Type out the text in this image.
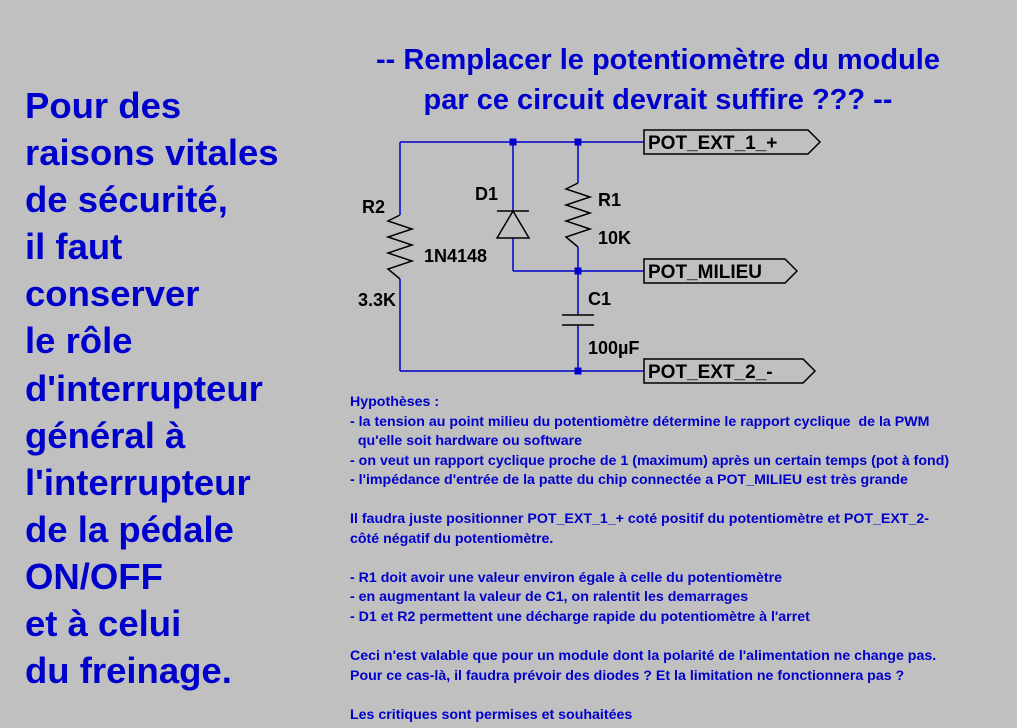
Pour des
raisons vitales
de sécurité,
il faut
conserver
le rôle
d'interrupteur
général à
l'interrupteur
de la pédale
ON/OFF
et à celui
du freinage.
-- Remplacer le potentiomètre du module
par ce circuit devrait suffire ??? --
R2
3.3K
D1
1N4148
R1
10K
C1
100µF
POT_EXT_1_+
POT_MILIEU
POT_EXT_2_-
Hypothèses :
- la tension au point milieu du potentiomètre détermine le rapport cyclique  de la PWM
qu'elle soit hardware ou software
- on veut un rapport cyclique proche de 1 (maximum) après un certain temps (pot à fond)
- l'impédance d'entrée de la patte du chip connectée a POT_MILIEU est très grande
Il faudra juste positionner POT_EXT_1_+ coté positif du potentiomètre et POT_EXT_2-
côté négatif du potentiomètre.
- R1 doit avoir une valeur environ égale à celle du potentiomètre
- en augmentant la valeur de C1, on ralentit les demarrages
- D1 et R2 permettent une décharge rapide du potentiomètre à l'arret
Ceci n'est valable que pour un module dont la polarité de l'alimentation ne change pas.
Pour ce cas-là, il faudra prévoir des diodes ? Et la limitation ne fonctionnera pas ?
Les critiques sont permises et souhaitées
